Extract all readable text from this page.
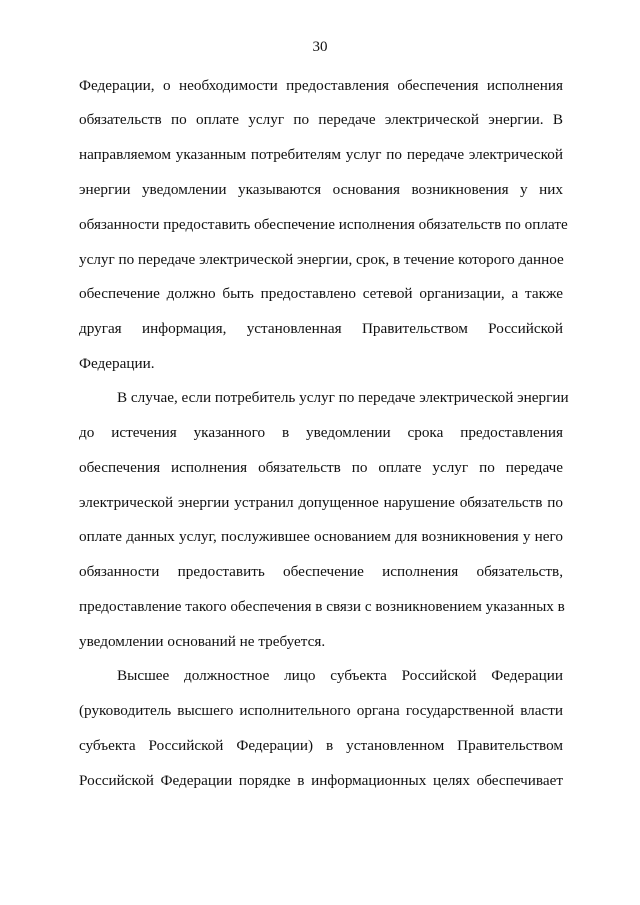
30
Федерации, о необходимости предоставления обеспечения исполнения
обязательств по оплате услуг по передаче электрической энергии. В
направляемом указанным потребителям услуг по передаче электрической
энергии уведомлении указываются основания возникновения у них
обязанности предоставить обеспечение исполнения обязательств по оплате
услуг по передаче электрической энергии, срок, в течение которого данное
обеспечение должно быть предоставлено сетевой организации, а также
другая информация, установленная Правительством Российской
Федерации.
В случае, если потребитель услуг по передаче электрической энергии
до истечения указанного в уведомлении срока предоставления
обеспечения исполнения обязательств по оплате услуг по передаче
электрической энергии устранил допущенное нарушение обязательств по
оплате данных услуг, послужившее основанием для возникновения у него
обязанности предоставить обеспечение исполнения обязательств,
предоставление такого обеспечения в связи с возникновением указанных в
уведомлении оснований не требуется.
Высшее должностное лицо субъекта Российской Федерации
(руководитель высшего исполнительного органа государственной власти
субъекта Российской Федерации) в установленном Правительством
Российской Федерации порядке в информационных целях обеспечивает
